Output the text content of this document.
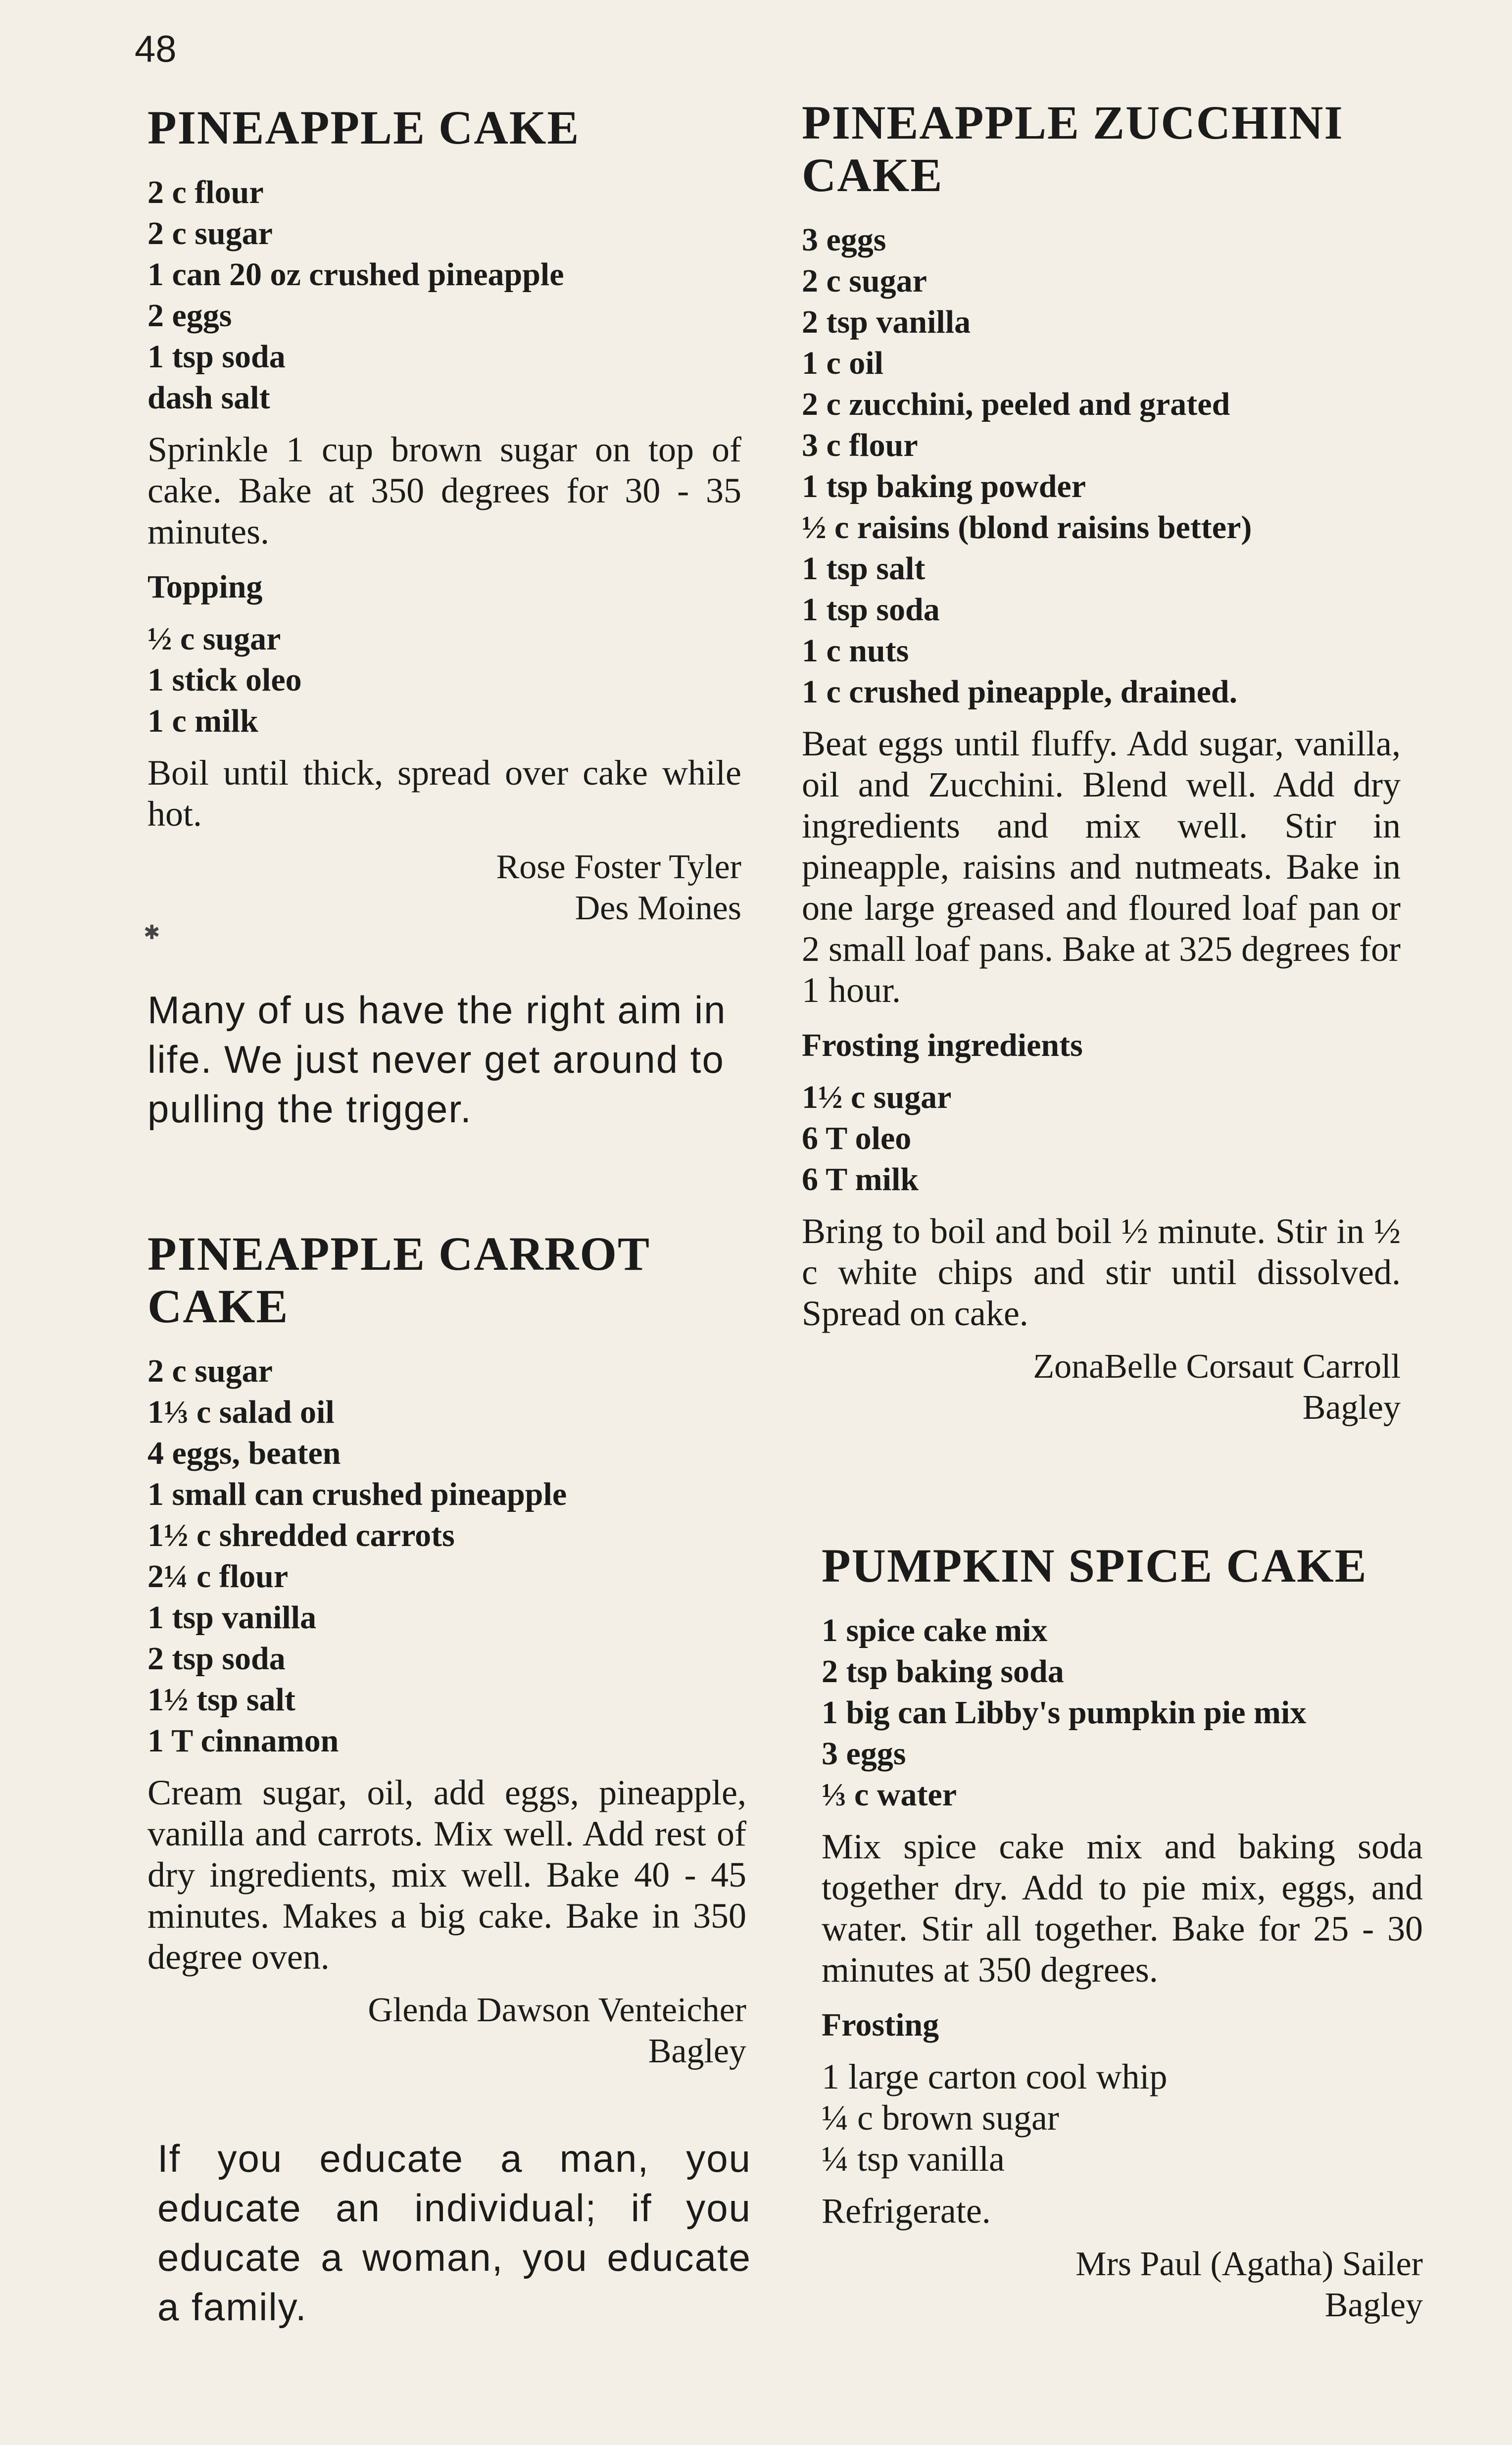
48
PINEAPPLE CAKE
2 c flour
2 c sugar
1 can 20 oz crushed pineapple
2 eggs
1 tsp soda
dash salt

Sprinkle 1 cup brown sugar on top of cake. Bake at 350 degrees for 30 - 35 minutes.

Topping
½ c sugar
1 stick oleo
1 c milk

Boil until thick, spread over cake while hot.

Rose Foster Tyler
Des Moines
✱
Many of us have the right aim in life. We just never get around to pulling the trigger.
PINEAPPLE CARROT
CAKE
2 c sugar
1⅓ c salad oil
4 eggs, beaten
1 small can crushed pineapple
1½ c shredded carrots
2¼ c flour
1 tsp vanilla
2 tsp soda
1½ tsp salt
1 T cinnamon

Cream sugar, oil, add eggs, pineapple, vanilla and carrots. Mix well. Add rest of dry ingredients, mix well. Bake 40 - 45 minutes. Makes a big cake. Bake in 350 degree oven.

Glenda Dawson Venteicher
Bagley
If you educate a man, you educate an individual; if you educate a woman, you educate a family.
PINEAPPLE ZUCCHINI
CAKE
3 eggs
2 c sugar
2 tsp vanilla
1 c oil
2 c zucchini, peeled and grated
3 c flour
1 tsp baking powder
½ c raisins (blond raisins better)
1 tsp salt
1 tsp soda
1 c nuts
1 c crushed pineapple, drained.

Beat eggs until fluffy. Add sugar, vanilla, oil and Zucchini. Blend well. Add dry ingredients and mix well. Stir in pineapple, raisins and nutmeats. Bake in one large greased and floured loaf pan or 2 small loaf pans. Bake at 325 degrees for 1 hour.

Frosting ingredients
1½ c sugar
6 T oleo
6 T milk

Bring to boil and boil ½ minute. Stir in ½ c white chips and stir until dissolved. Spread on cake.

ZonaBelle Corsaut Carroll
Bagley
PUMPKIN SPICE CAKE
1 spice cake mix
2 tsp baking soda
1 big can Libby's pumpkin pie mix
3 eggs
⅓ c water

Mix spice cake mix and baking soda together dry. Add to pie mix, eggs, and water. Stir all together. Bake for 25 - 30 minutes at 350 degrees.

Frosting
1 large carton cool whip
¼ c brown sugar
¼ tsp vanilla

Refrigerate.

Mrs Paul (Agatha) Sailer
Bagley
